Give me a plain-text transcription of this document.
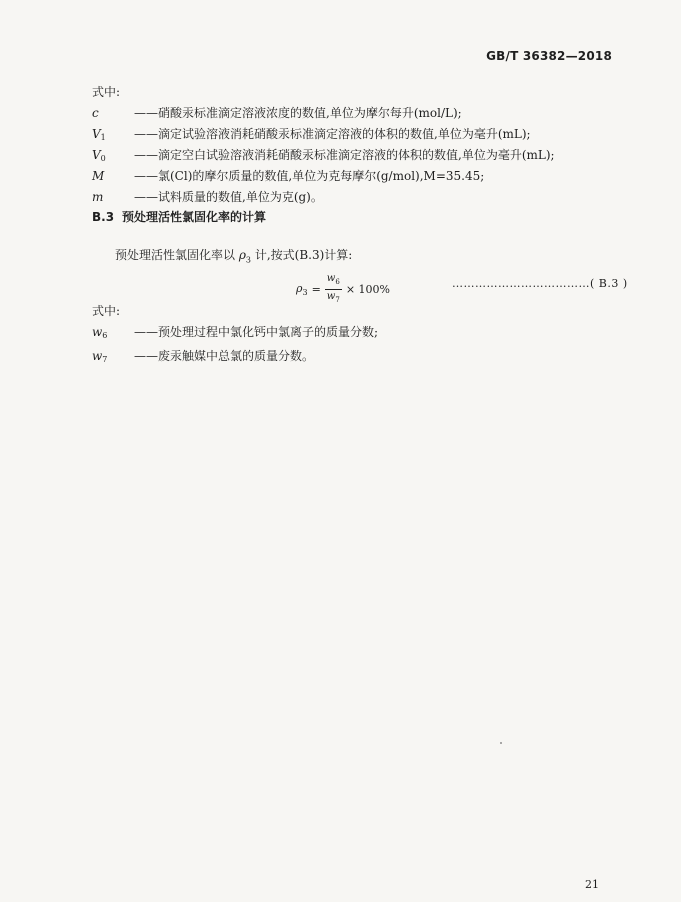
GB/T 36382—2018
式中:
c	——硝酸汞标准滴定溶液浓度的数值,单位为摩尔每升(mol/L);
$V_1$ ——滴定试验溶液消耗硝酸汞标准滴定溶液的体积的数值,单位为毫升(mL);
$V_0$ ——滴定空白试验溶液消耗硝酸汞标准滴定溶液的体积的数值,单位为毫升(mL);
M ——氯(Cl)的摩尔质量的数值,单位为克每摩尔(g/mol),M=35.45;
m	——试料质量的数值,单位为克(g)。
B.3 预处理活性氯固化率的计算
预处理活性氯固化率以 $\rho_3$ 计,按式(B.3)计算:
$\rho_3 = \frac{w_6}{w_7} \times 100\%$	………………………………( B.3 )
式中:
$w_6$ ——预处理过程中氯化钙中氯离子的质量分数;
$w_7$ ——废汞触媒中总氯的质量分数。
21
